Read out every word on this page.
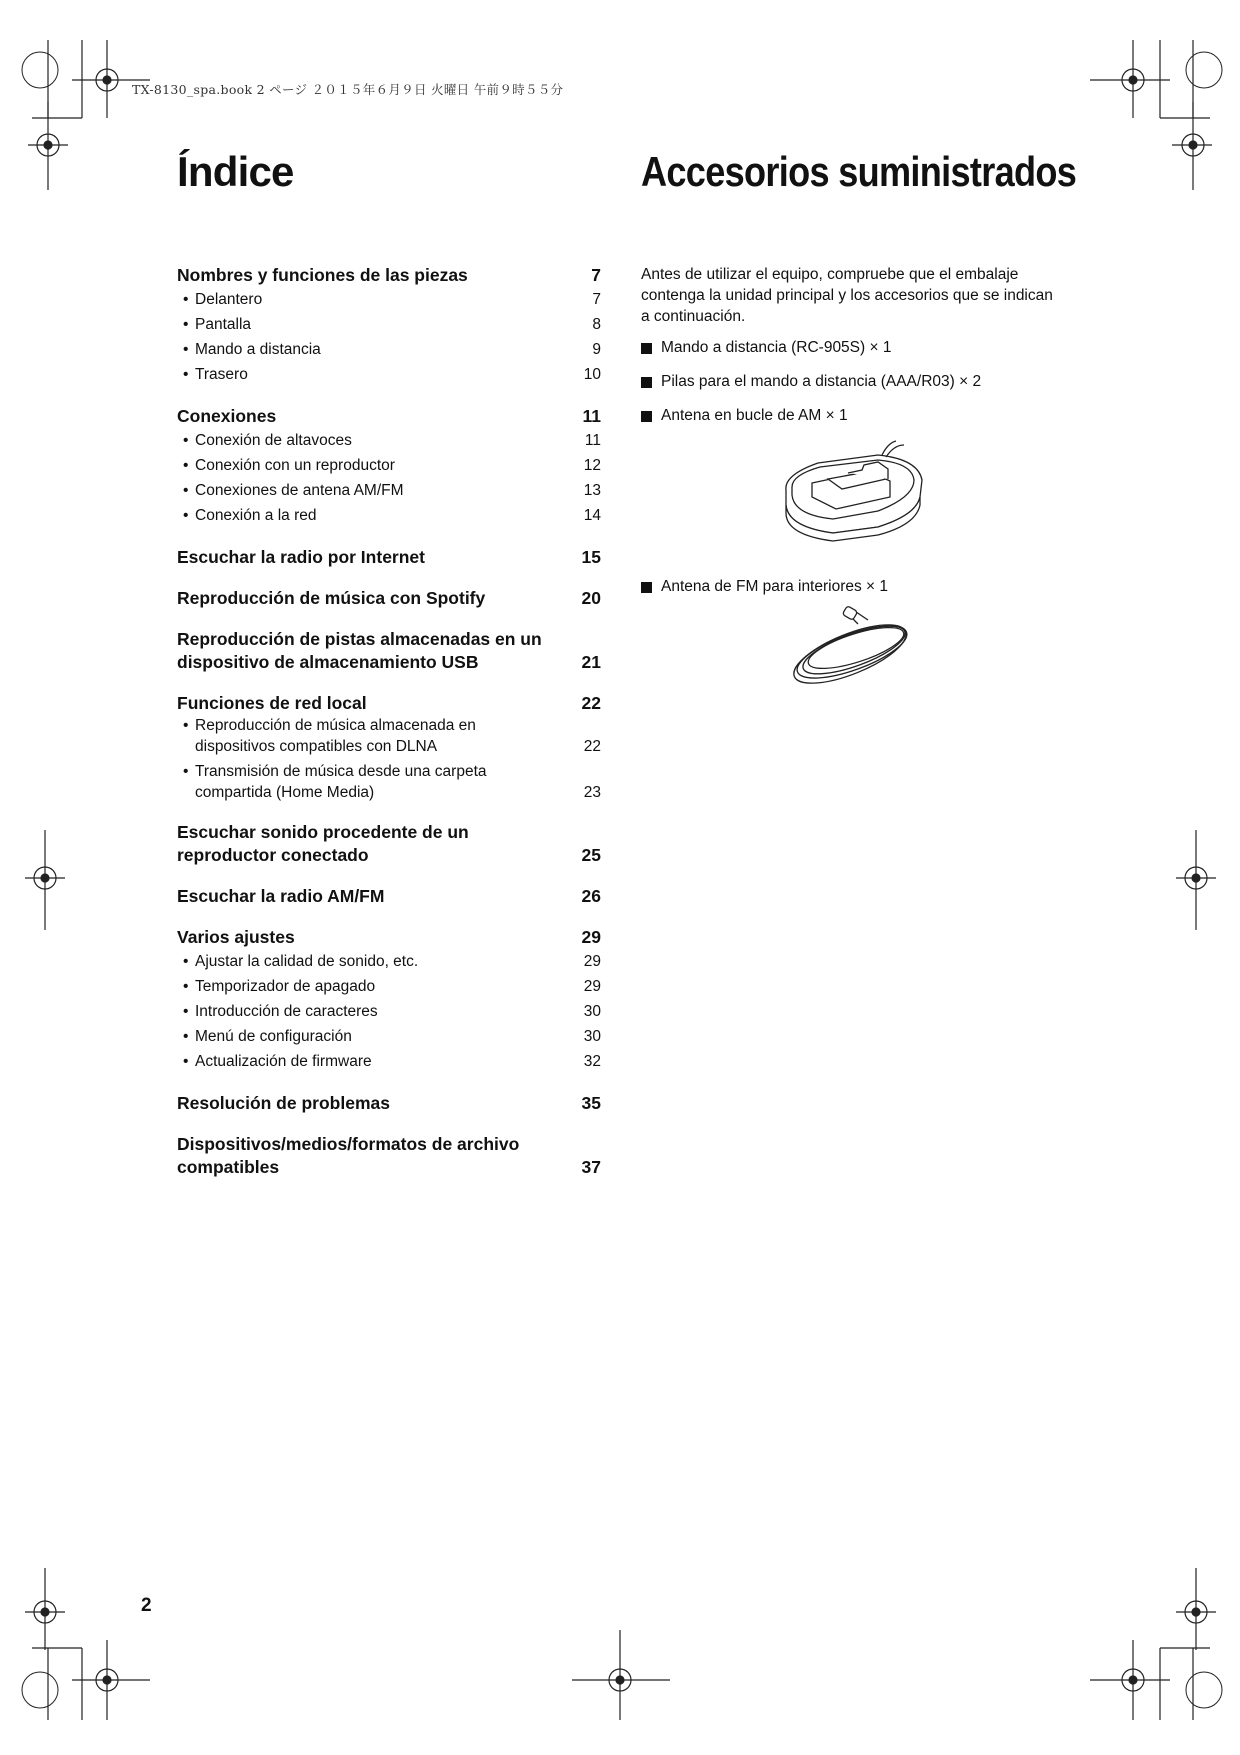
TX-8130_spa.book 2 ページ ２０１５年６月９日 火曜日 午前９時５５分
Índice	Accesorios suministrados
Nombres y funciones de las piezas	7
• Delantero	7
• Pantalla	8
• Mando a distancia	9
• Trasero	10
Conexiones	11
• Conexión de altavoces	11
• Conexión con un reproductor	12
• Conexiones de antena AM/FM	13
• Conexión a la red	14
Escuchar la radio por Internet	15
Reproducción de música con Spotify	20
Reproducción de pistas almacenadas en un dispositivo de almacenamiento USB	21
Funciones de red local	22
• Reproducción de música almacenada en dispositivos compatibles con DLNA	22
• Transmisión de música desde una carpeta compartida (Home Media)	23
Escuchar sonido procedente de un reproductor conectado	25
Escuchar la radio AM/FM	26
Varios ajustes	29
• Ajustar la calidad de sonido, etc.	29
• Temporizador de apagado	29
• Introducción de caracteres	30
• Menú de configuración	30
• Actualización de firmware	32
Resolución de problemas	35
Dispositivos/medios/formatos de archivo compatibles	37

Antes de utilizar el equipo, compruebe que el embalaje contenga la unidad principal y los accesorios que se indican a continuación.

Mando a distancia (RC-905S) × 1
Pilas para el mando a distancia (AAA/R03) × 2
Antena en bucle de AM × 1
Antena de FM para interiores × 1
2
